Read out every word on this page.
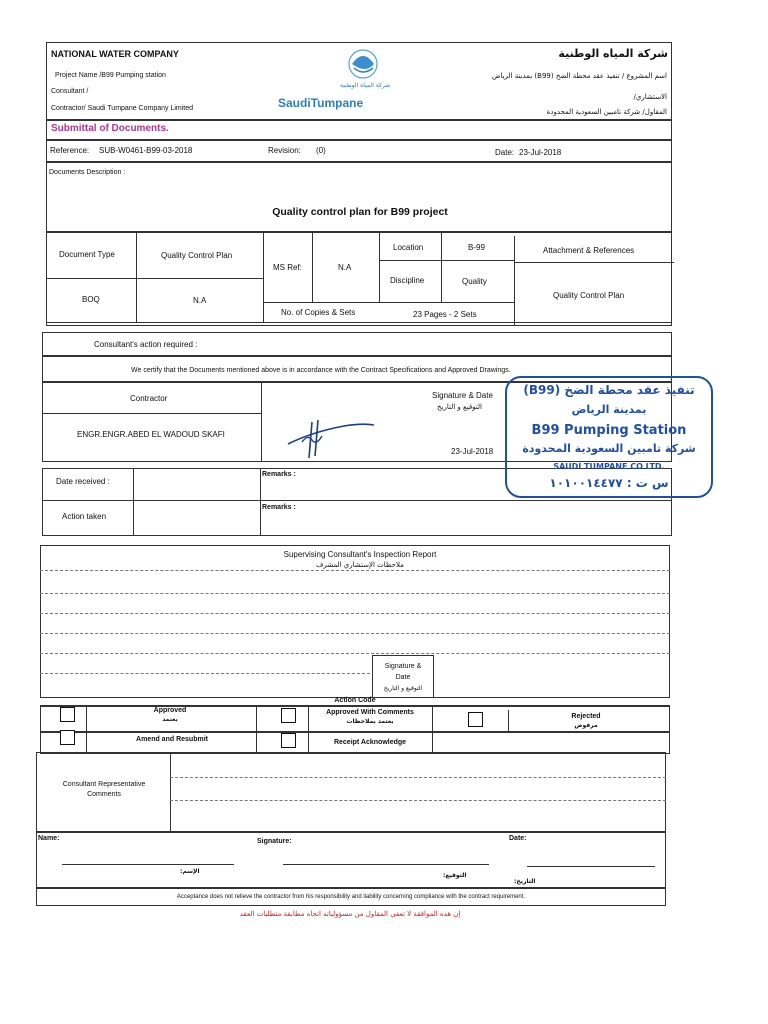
NATIONAL WATER COMPANY
Project Name /B99 Pumping station
Consultant /
Contractor/ Saudi Tumpane Company Limited
شركة المياه الوطنية
SaudiTumpane
شركة المياه الوطنية
اسم المشروع / تنفيذ عقد محطة الضخ (B99) بمدينة الرياض
الاستشاري/
المقاول/ شركة تامبين السعودية المحدودة
Submittal of Documents.
Reference: SUB-W0461-B99-03-2018	Revision: (0)	Date: 23-Jul-2018
Documents Description :
Quality control plan for B99 project
Document Type	Quality Control Plan
BOQ	N.A
MS Ref:	N.A
Location	B-99
Discipline	Quality
No. of Copies & Sets	23 Pages - 2 Sets
Attachment & References
Quality Control Plan
Consultant's action required :
We certify that the Documents mentioned above is in accordance with the Contract Specifications and Approved Drawings.
Contractor	Signature & Date
التوقيع و التاريخ
ENGR.ENGR.ABED EL WADOUD SKAFI
23-Jul-2018
Date received :
Action taken
Remarks :
Remarks :
Supervising Consultant's Inspection Report
ملاحظات الإستشاري المشرف
Signature &
Date
التوقيع و التاريخ
Action Code
Approved
يعتمد
Approved With Comments
يعتمد بملاحظات
Rejected
مرفوض
Amend and Resubmit	Receipt Acknowledge
Consultant Representative
Comments
Name:	Signature:	Date:
الإسم:
التوقيع:
التاريخ:
Acceptance does not relieve the contractor from his responsibility and liability concerning compliance with the contract requirement.
إن هذه الموافقة لا تعفي المقاول من مسؤولياته اتجاه مطابقة متطلبات العقد
تنفيذ عقد محطة الضخ (B99)
بمدينة الرياض
B99 Pumping Station
شركة تامبين السعودية المحدودة
SAUDI TUMPANE CO LTD.
س ت : ١٠١٠٠١٤٤٧٧
